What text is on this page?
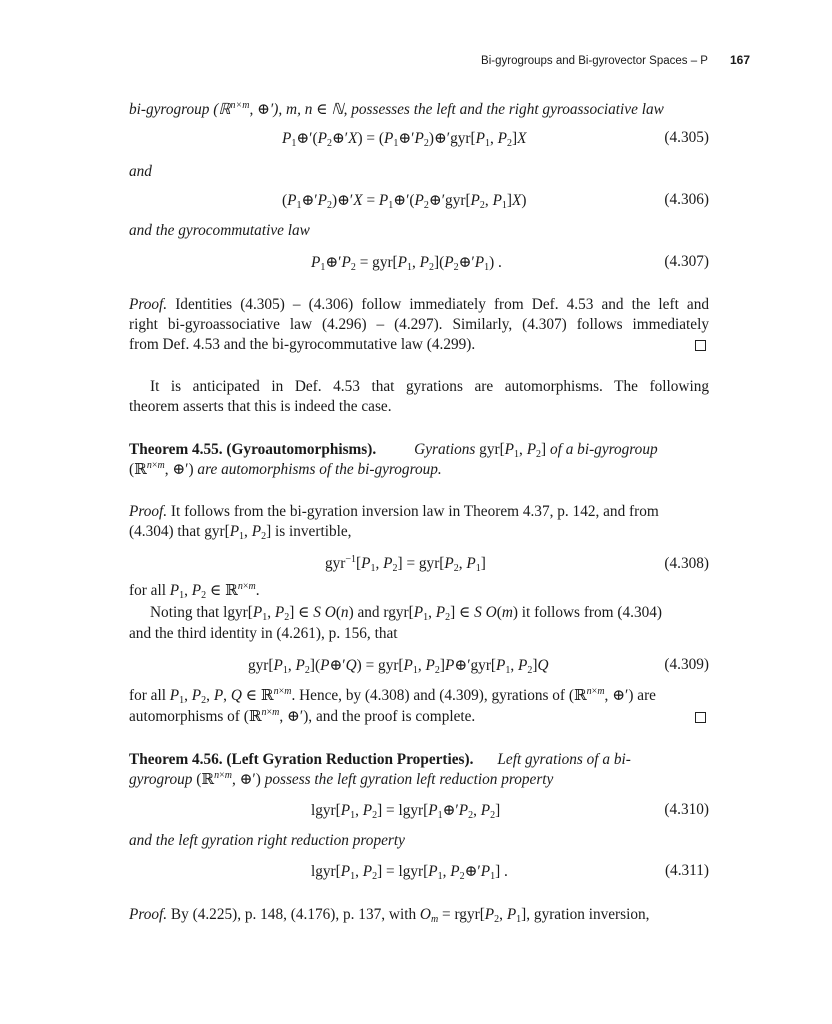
Bi-gyrogroups and Bi-gyrovector Spaces – P 167
bi-gyrogroup (ℝ$^{n\times m}$, ⊕′), m, n ∈ ℕ, possesses the left and the right gyroassociative law
$P_1\oplus'(P_2\oplus'X)$ = $(P_1\oplus'P_2)\oplus'gyr[P_1$, $P_2]X$	(4.305)
and
$(P_1\oplus'P_2)\oplus'X$ = $P_1\oplus'(P_2\oplus'gyr[P_2$, $P_1]X$)	(4.306)
and the gyrocommutative law
$P_1\oplus'P_2 = gyr[P_1$, $P_2](P_2\oplus'P_1)$ .	(4.307)
Proof. Identities (4.305) – (4.306) follow immediately from Def. 4.53 and the left and
right bi-gyroassociative law (4.296) – (4.297). Similarly, (4.307) follows immediately
from Def. 4.53 and the bi-gyrocommutative law (4.299).
It is anticipated in Def. 4.53 that gyrations are automorphisms. The following
theorem asserts that this is indeed the case.
Theorem 4.55. (Gyroautomorphisms). Gyrations $gyr[P_1$, $P_2$] of a bi-gyrogroup
(ℝ$^{n\times m}$, ⊕′) are automorphisms of the bi-gyrogroup.
Proof. It follows from the bi-gyration inversion law in Theorem 4.37, p. 142, and from
(4.304) that $gyr[P_1$, $P_2$] is invertible,
$gyr^{-1}[P_1$, $P_2] = gyr[P_2$, $P_1$]	(4.308)
for all $P_1$, $P_2$ ∈ ℝ$^{n\times m}$.
Noting that $lgyr[P_1$, $P_2$] ∈ S O(n) and $rgyr[P_1$, $P_2$] ∈ S O(m) it follows from (4.304)
and the third identity in (4.261), p. 156, that
$gyr[P_1$, $P_2](P\oplus'Q) = gyr[P_1$, $P_2]P\oplus'gyr[P_1$, $P_2]Q$	(4.309)
for all $P_1$, $P_2$, P, Q ∈ ℝ$^{n\times m}$. Hence, by (4.308) and (4.309), gyrations of (ℝ$^{n\times m}$, ⊕′) are
automorphisms of (ℝ$^{n\times m}$, ⊕′), and the proof is complete.
Theorem 4.56. (Left Gyration Reduction Properties). Left gyrations of a bi-
gyrogroup (ℝ$^{n\times m}$, ⊕′) possess the left gyration left reduction property
$lgyr[P_1$, $P_2$] = $lgyr[P_1\oplus'P_2$, $P_2$]	(4.310)
and the left gyration right reduction property
$lgyr[P_1$, $P_2$] = $lgyr[P_1$, $P_2\oplus'P_1$] .	(4.311)
Proof. By (4.225), p. 148, (4.176), p. 137, with $O_m$ = $rgyr[P_2$, $P_1$], gyration inversion,
